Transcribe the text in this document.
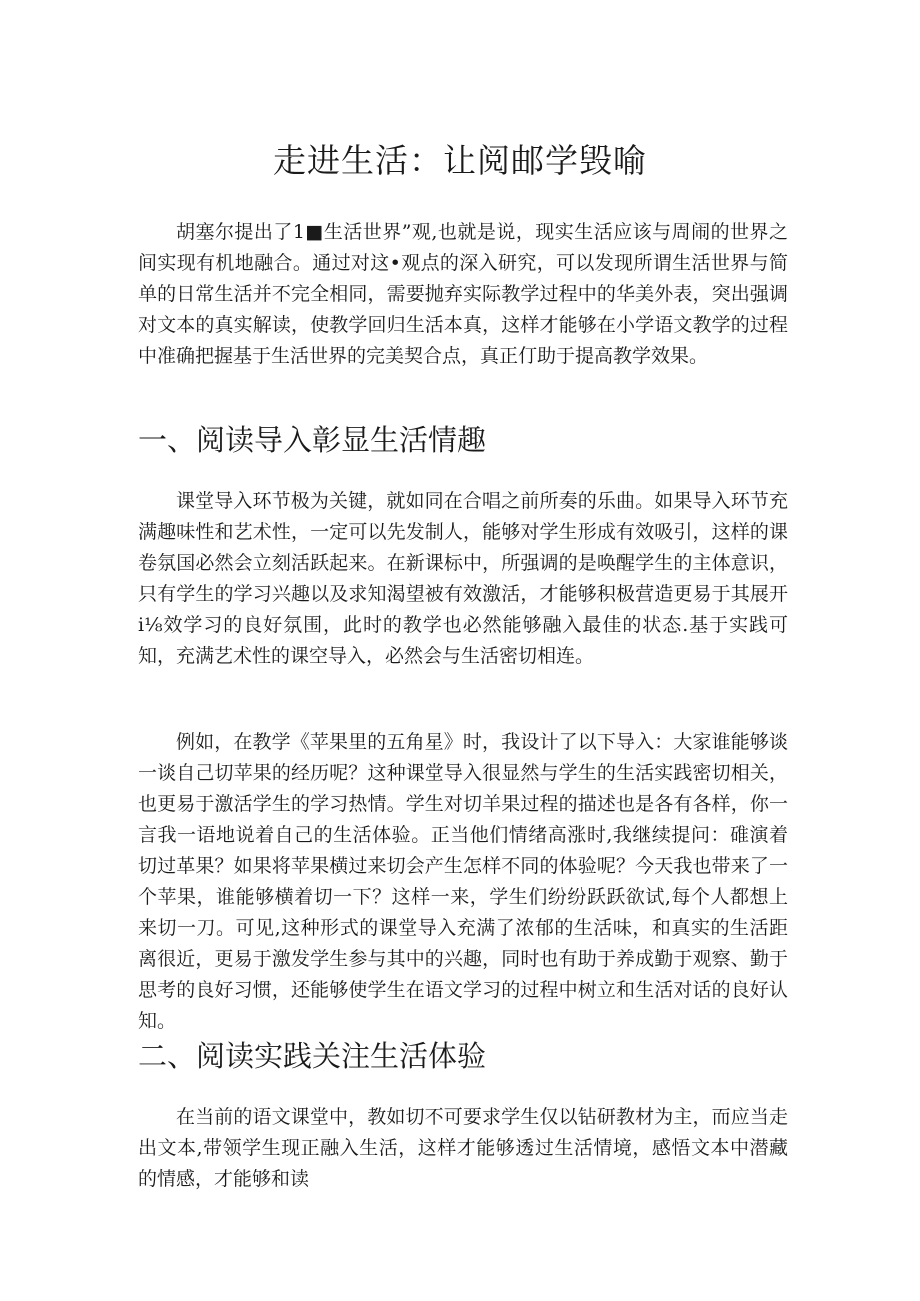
走进生活：让阅邮学毁喻

胡塞尔提出了1■生活世界”观,也就是说，现实生活应该与周闹的世界之间实现有机地融合。通过对这•观点的深入研究，可以发现所谓生活世界与简单的日常生活并不完全相同，需要抛弃实际教学过程中的华美外表，突出强调对文本的真实解读，使教学回归生活本真，这样才能够在小学语文教学的过程中准确把握基于生活世界的完美契合点，真正仃助于提高教学效果。

一、阅读导入彰显生活情趣

课堂导入环节极为关键，就如同在合唱之前所奏的乐曲。如果导入环节充满趣味性和艺术性，一定可以先发制人，能够对学生形成有效吸引，这样的课卷氛国必然会立刻活跃起来。在新课标中，所强调的是唤醒学生的主体意识，只有学生的学习兴趣以及求知渴望被有效激活，才能够积极营造更易于其展开i⅛效学习的良好氛围，此时的教学也必然能够融入最佳的状态.基于实践可知，充满艺术性的课空导入，必然会与生活密切相连。

例如，在教学《苹果里的五角星》时，我设计了以下导入：大家谁能够谈一谈自己切苹果的经历呢？这种课堂导入很显然与学生的生活实践密切相关，也更易于激活学生的学习热情。学生对切羊果过程的描述也是各有各样，你一言我一语地说着自己的生活体验。正当他们情绪高涨时,我继续提问：碓演着切过革果？如果将苹果横过来切会产生怎样不同的体验呢？今天我也带来了一个苹果，谁能够横着切一下？这样一来，学生们纷纷跃跃欲试,每个人都想上来切一刀。可见,这种形式的课堂导入充满了浓郁的生活味，和真实的生活距离很近，更易于激发学生参与其中的兴趣，同时也有助于养成勤于观察、勤于思考的良好习惯，还能够使学生在语文学习的过程中树立和生活对话的良好认知。

二、阅读实践关注生活体验

在当前的语文课堂中，教如切不可要求学生仅以钻研教材为主，而应当走出文本,带领学生现正融入生活，这样才能够透过生活情境，感悟文本中潜藏的情感，才能够和读
